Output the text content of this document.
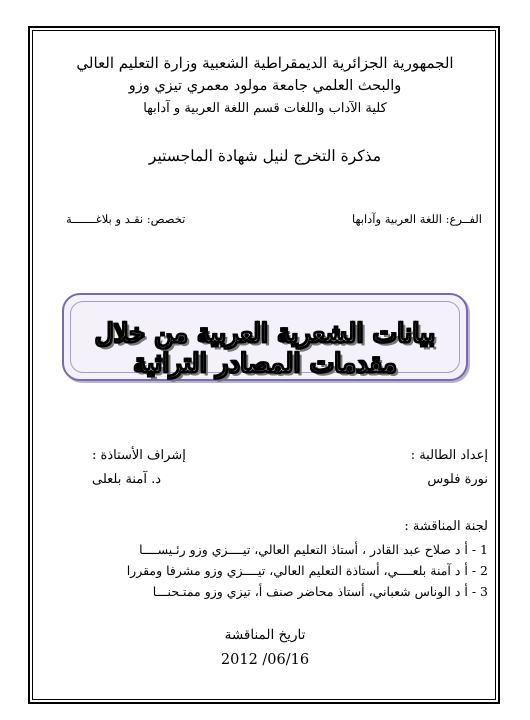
الجمهورية الجزائرية الديمقراطية الشعبية وزارة التعليم العالي
والبحث العلمي جامعة مولود معمري تيزي وزو
كلية الآداب واللغات قسم اللغة العربية و آدابها
مذكرة التخرج لنيل شهادة الماجستير
الفــرع: اللغة العربية وآدابها
تخصص: نقـد و بلاغـــــــة
بيانات الشعرية العربية من خلال مقدمات المصادر التراثية
إعداد الطالبة :
إشراف الأستاذة :
نورة فلوس
د. آمنة بلعلى
لجنة المناقشة :
1 - أ د صلاح عبد القادر ، أستاذ التعليم العالي، تيــــزي وزو رئـيســــا
2 - أ د آمنة بلعــــي، أستاذة التعليم العالي، تيــــزي وزو مشرفا ومقررا
3 - أ د الوناس شعباني، أستاذ محاضر صنف أ، تيزي وزو ممتـحنـــا
تاريخ المناقشة
2012 /06/16
